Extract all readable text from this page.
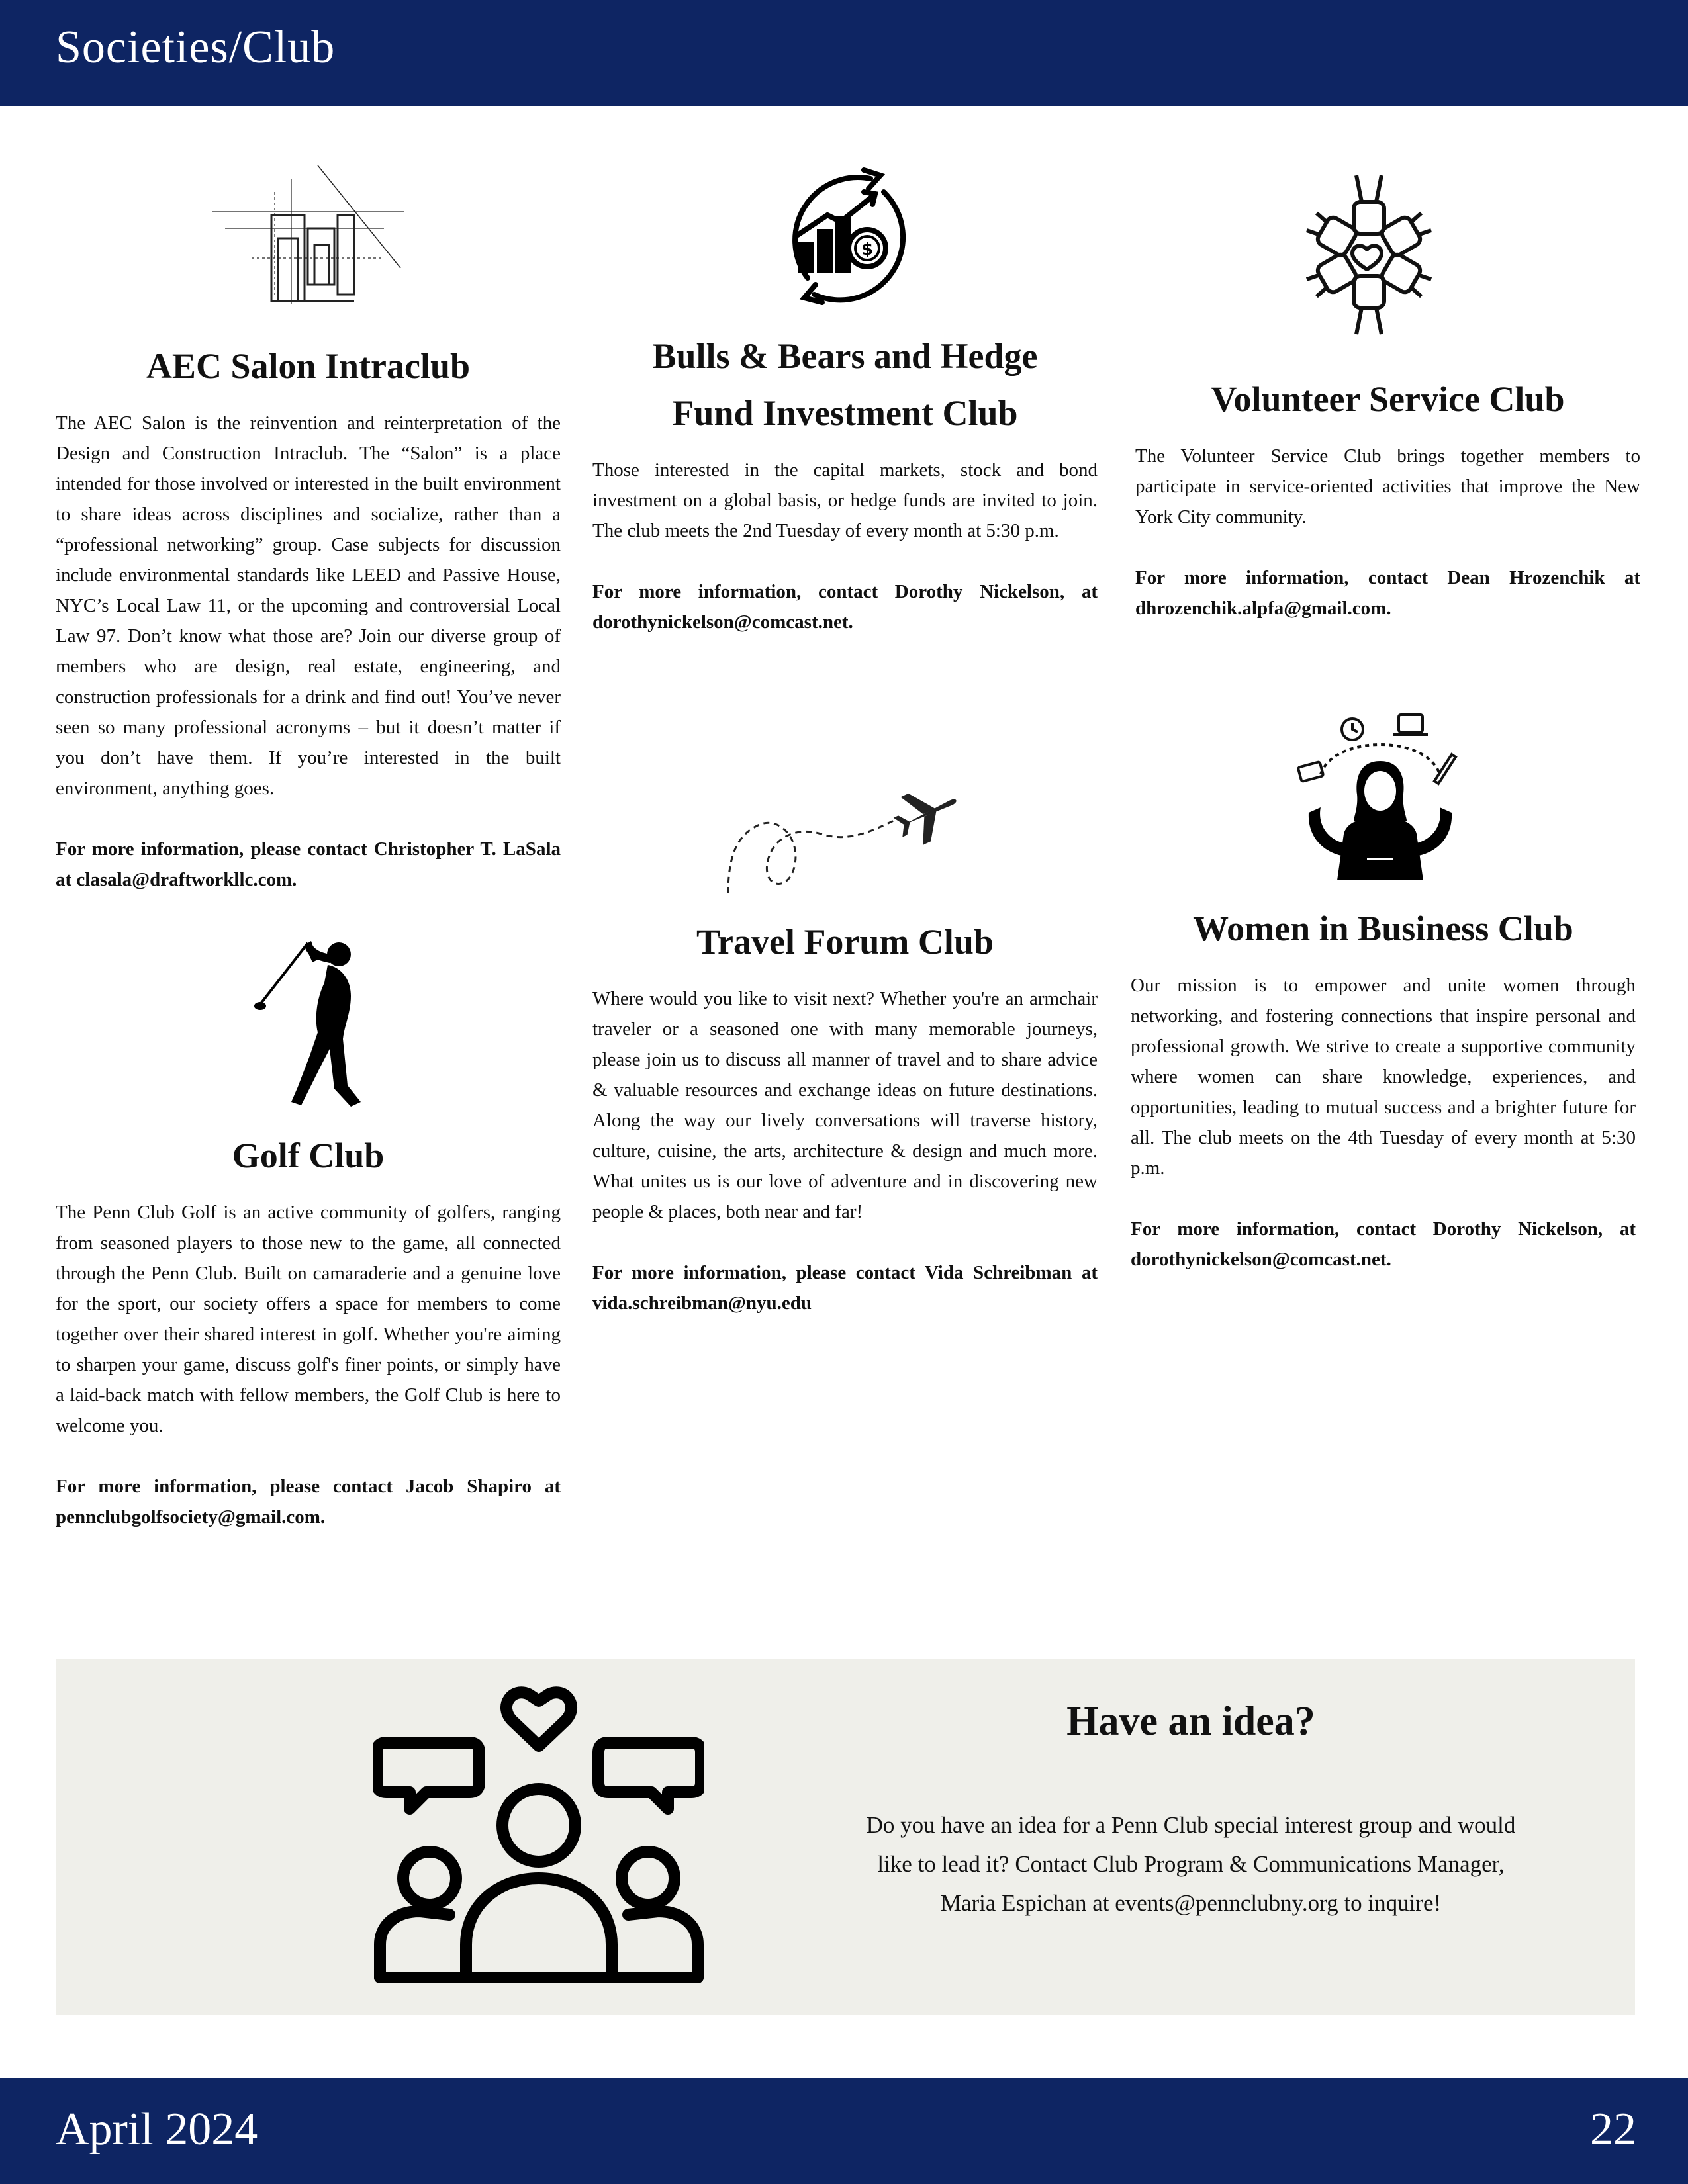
Societies/Club
AEC Salon Intraclub

The AEC Salon is the reinvention and reinterpretation of the Design and Construction Intraclub. The “Salon” is a place intended for those involved or interested in the built environment to share ideas across disciplines and socialize, rather than a “professional networking” group. Case subjects for discussion include environmental standards like LEED and Passive House, NYC’s Local Law 11, or the upcoming and controversial Local Law 97. Don’t know what those are? Join our diverse group of members who are design, real estate, engineering, and construction professionals for a drink and find out! You’ve never seen so many professional acronyms – but it doesn’t matter if you don’t have them. If you’re interested in the built environment, anything goes.

For more information, please contact Christopher T. LaSala at clasala@draftworkllc.com.

Golf Club

The Penn Club Golf is an active community of golfers, ranging from seasoned players to those new to the game, all connected through the Penn Club. Built on camaraderie and a genuine love for the sport, our society offers a space for members to come together over their shared interest in golf. Whether you're aiming to sharpen your game, discuss golf's finer points, or simply have a laid-back match with fellow members, the Golf Club is here to welcome you.

For more information, please contact Jacob Shapiro at pennclubgolfsociety@gmail.com.

$
Bulls & Bears and Hedge Fund Investment Club

Those interested in the capital markets, stock and bond investment on a global basis, or hedge funds are invited to join. The club meets the 2nd Tuesday of every month at 5:30 p.m.

For more information, contact Dorothy Nickelson, at dorothynickelson@comcast.net.

Travel Forum Club

Where would you like to visit next? Whether you're an armchair traveler or a seasoned one with many memorable journeys, please join us to discuss all manner of travel and to share advice & valuable resources and exchange ideas on future destinations. Along the way our lively conversations will traverse history, culture, cuisine, the arts, architecture & design and much more. What unites us is our love of adventure and in discovering new people & places, both near and far!

For more information, please contact Vida Schreibman at vida.schreibman@nyu.edu

Volunteer Service Club

The Volunteer Service Club brings together members to participate in service-oriented activities that improve the New York City community.

For more information, contact Dean Hrozenchik at dhrozenchik.alpfa@gmail.com.

Women in Business Club

Our mission is to empower and unite women through networking, and fostering connections that inspire personal and professional growth. We strive to create a supportive community where women can share knowledge, experiences, and opportunities, leading to mutual success and a brighter future for all. The club meets on the 4th Tuesday of every month at 5:30 p.m.

For more information, contact Dorothy Nickelson, at dorothynickelson@comcast.net.

Have an idea?
Do you have an idea for a Penn Club special interest group and would like to lead it? Contact Club Program & Communications Manager, Maria Espichan at events@pennclubny.org to inquire!
April 2024	22
